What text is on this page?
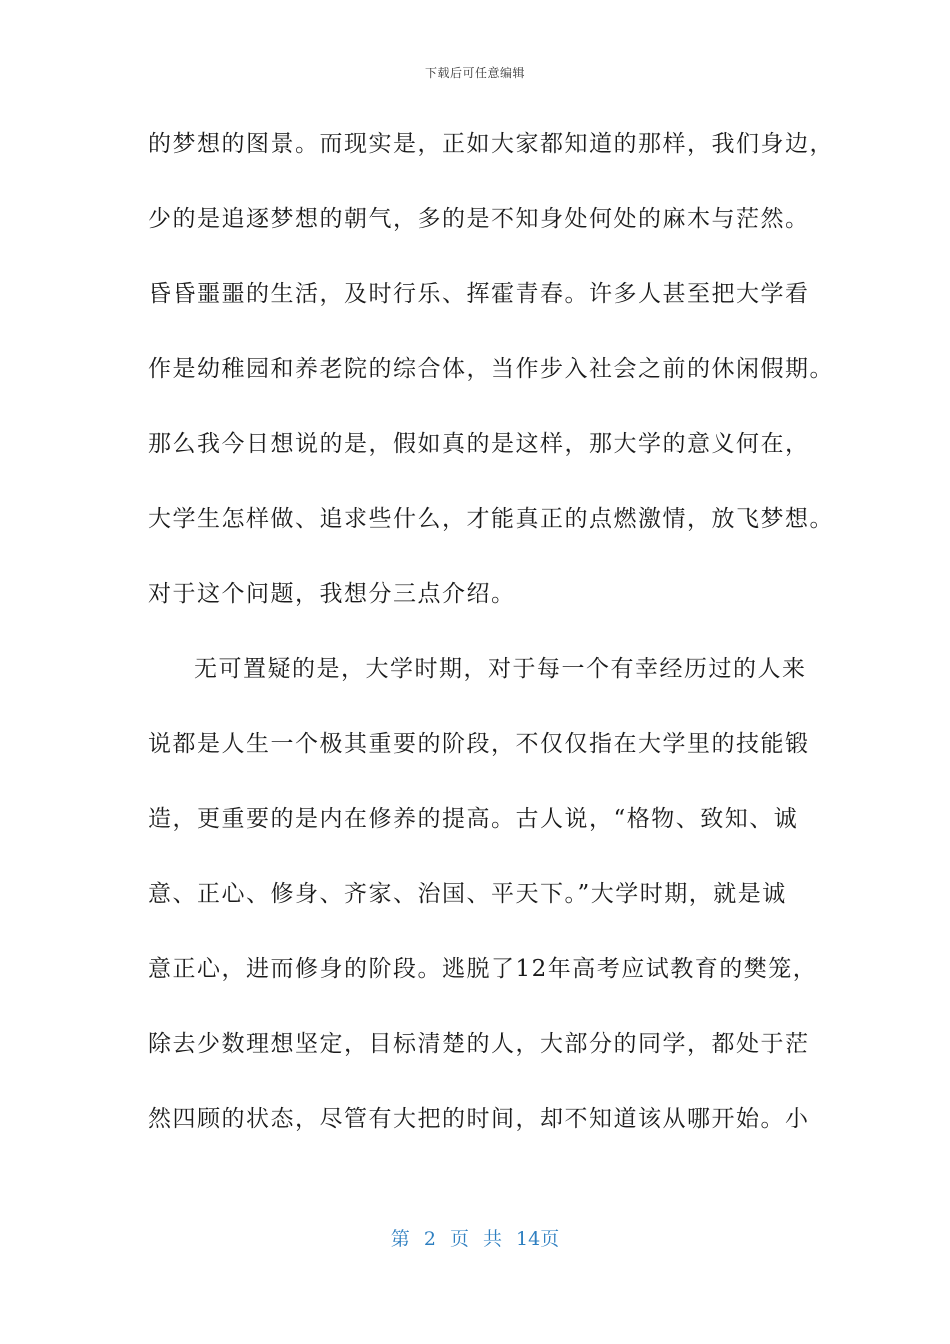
下载后可任意编辑
的梦想的图景。而现实是，正如大家都知道的那样，我们身边，
少的是追逐梦想的朝气，多的是不知身处何处的麻木与茫然。
昏昏噩噩的生活，及时行乐、挥霍青春。许多人甚至把大学看
作是幼稚园和养老院的综合体，当作步入社会之前的休闲假期。
那么我今日想说的是，假如真的是这样，那大学的意义何在，
大学生怎样做、追求些什么，才能真正的点燃激情，放飞梦想。
对于这个问题，我想分三点介绍。
无可置疑的是，大学时期，对于每一个有幸经历过的人来
说都是人生一个极其重要的阶段，不仅仅指在大学里的技能锻
造，更重要的是内在修养的提高。古人说，“格物、致知、诚
意、正心、修身、齐家、治国、平天下。”大学时期，就是诚
意正心，进而修身的阶段。逃脱了12年高考应试教育的樊笼，
除去少数理想坚定，目标清楚的人，大部分的同学，都处于茫
然四顾的状态，尽管有大把的时间，却不知道该从哪开始。小
第 2 页 共 14页
